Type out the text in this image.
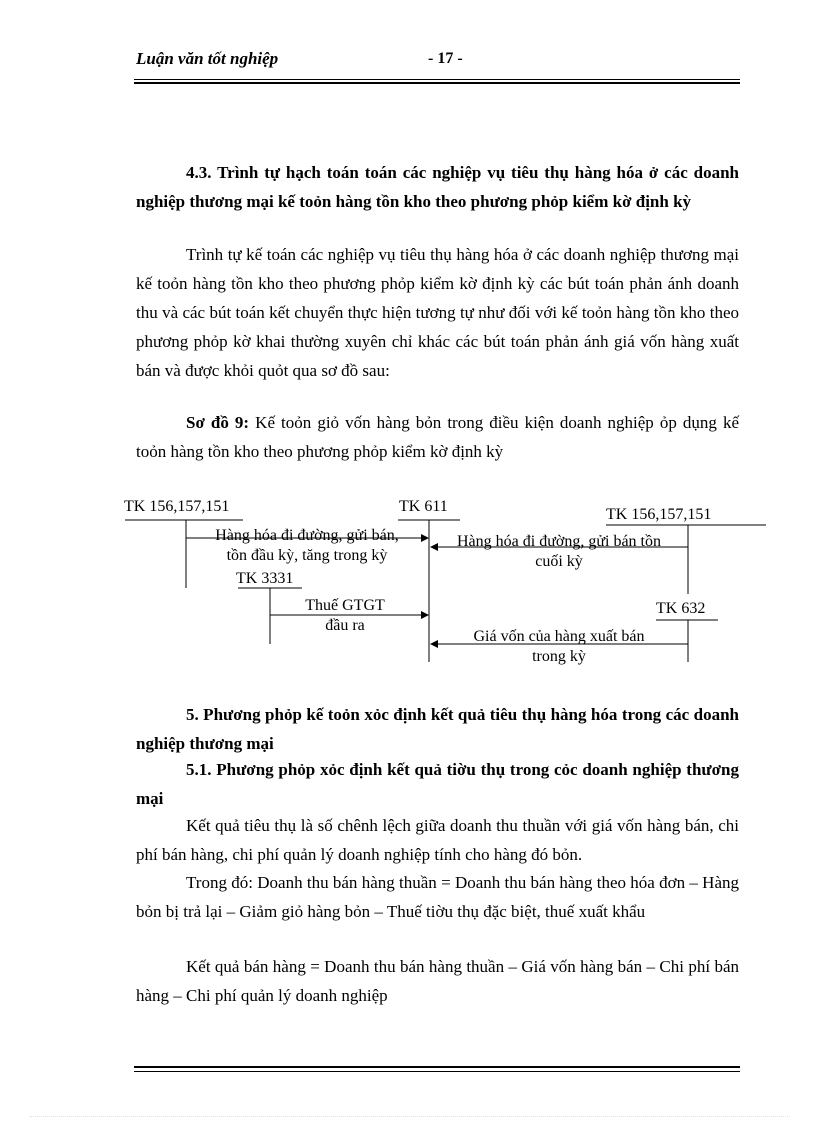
Luận văn tốt nghiệp	- 17 -

4.3. Trình tự hạch toán toán các nghiệp vụ tiêu thụ hàng hóa ở các doanh nghiệp thương mại kế toỏn hàng tồn kho theo phương phỏp kiểm kờ định kỳ

Trình tự kế toán các nghiệp vụ tiêu thụ hàng hóa ở các doanh nghiệp thương mại kế toỏn hàng tồn kho theo phương phỏp kiểm kờ định kỳ các bút toán phản ánh doanh thu và các bút toán kết chuyển thực hiện tương tự như đối với kế toỏn hàng tồn kho theo phương phỏp kờ khai thường xuyên chỉ khác các bút toán phản ánh giá vốn hàng xuất bán và được khỏi quỏt qua sơ đồ sau:

Sơ đồ 9: Kế toỏn giỏ vốn hàng bỏn trong điều kiện doanh nghiệp ỏp dụng kế toỏn hàng tồn kho theo phương phỏp kiểm kờ định kỳ

TK 156,157,151	TK 611	TK 156,157,151
TK 3331
TK 632
Hàng hóa đi đường, gửi bán,
tồn đầu kỳ, tăng trong kỳ
Hàng hóa đi đường, gửi bán tồn
cuối kỳ
Thuế GTGT
đầu ra
Giá vốn của hàng xuất bán
trong kỳ

5. Phương phỏp kế toỏn xỏc định kết quả tiêu thụ hàng hóa trong các doanh nghiệp thương mại

5.1. Phương phỏp xỏc định kết quả tiờu thụ trong cỏc doanh nghiệp thương mại

Kết quả tiêu thụ là số chênh lệch giữa doanh thu thuần với giá vốn hàng bán, chi phí bán hàng, chi phí quản lý doanh nghiệp tính cho hàng đó bỏn.

Trong đó: Doanh thu bán hàng thuần = Doanh thu bán hàng theo hóa đơn – Hàng bỏn bị trả lại – Giảm giỏ hàng bỏn – Thuế tiờu thụ đặc biệt, thuế xuất khẩu

Kết quả bán hàng = Doanh thu bán hàng thuần – Giá vốn hàng bán – Chi phí bán hàng – Chi phí quản lý doanh nghiệp
